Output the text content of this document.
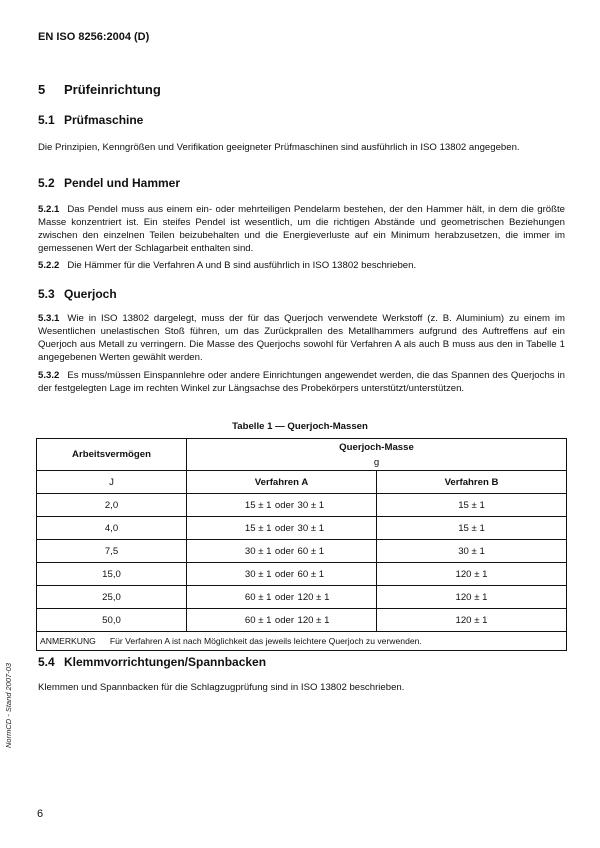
EN ISO 8256:2004 (D)
5 Prüfeinrichtung
5.1 Prüfmaschine
Die Prinzipien, Kenngrößen und Verifikation geeigneter Prüfmaschinen sind ausführlich in ISO 13802 angegeben.
5.2 Pendel und Hammer
5.2.1 Das Pendel muss aus einem ein- oder mehrteiligen Pendelarm bestehen, der den Hammer hält, in dem die größte Masse konzentriert ist. Ein steifes Pendel ist wesentlich, um die richtigen Abstände und geometrischen Beziehungen zwischen den einzelnen Teilen beizubehalten und die Energieverluste auf ein Minimum herabzusetzen, die immer im gemessenen Wert der Schlagarbeit enthalten sind.
5.2.2 Die Hämmer für die Verfahren A und B sind ausführlich in ISO 13802 beschrieben.
5.3 Querjoch
5.3.1 Wie in ISO 13802 dargelegt, muss der für das Querjoch verwendete Werkstoff (z. B. Aluminium) zu einem im Wesentlichen unelastischen Stoß führen, um das Zurückprallen des Metallhammers aufgrund des Auftreffens auf ein Querjoch aus Metall zu verringern. Die Masse des Querjochs sowohl für Verfahren A als auch B muss aus den in Tabelle 1 angegebenen Werten gewählt werden.
5.3.2 Es muss/müssen Einspannlehre oder andere Einrichtungen angewendet werden, die das Spannen des Querjochs in der festgelegten Lage im rechten Winkel zur Längsachse des Probekörpers unterstützt/unterstützen.
Tabelle 1 — Querjoch-Massen
Arbeitsvermögen	Querjoch-Masse
g	

J	Verfahren A	Verfahren B
2,0	15 ± 1 oder 30 ± 1	15 ± 1
4,0	15 ± 1 oder 30 ± 1	15 ± 1
7,5	30 ± 1 oder 60 ± 1	30 ± 1
15,0	30 ± 1 oder 60 ± 1	120 ± 1
25,0	60 ± 1 oder 120 ± 1	120 ± 1
50,0	60 ± 1 oder 120 ± 1	120 ± 1
ANMERKUNG Für Verfahren A ist nach Möglichkeit das jeweils leichtere Querjoch zu verwenden.		
5.4 Klemmvorrichtungen/Spannbacken
Klemmen und Spannbacken für die Schlagzugprüfung sind in ISO 13802 beschrieben.
NormCD - Stand 2007-03
6
